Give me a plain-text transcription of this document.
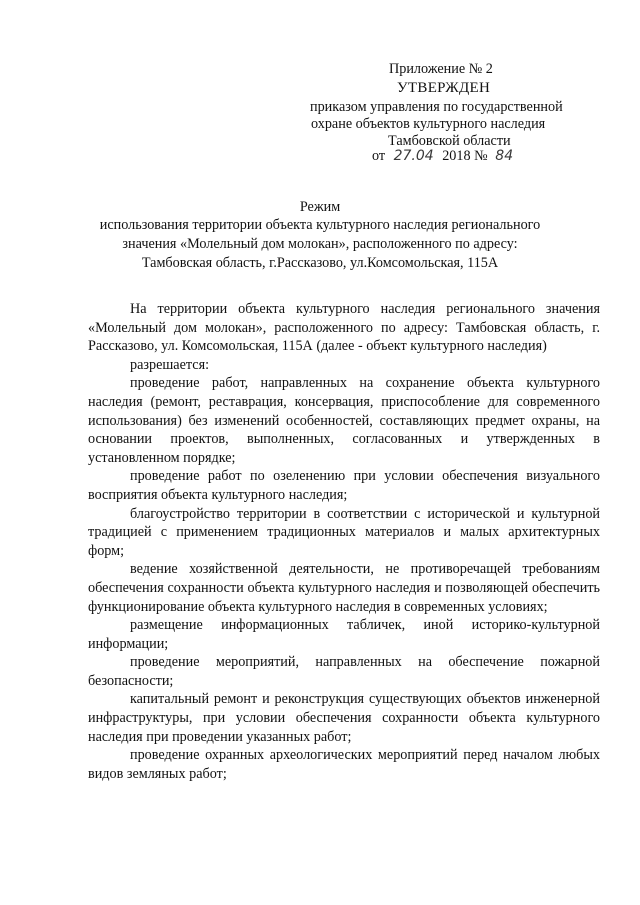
Приложение № 2
УТВЕРЖДЕН
приказом управления по государственной
охране объектов культурного наследия
Тамбовской области
от 27.04 2018 № 84
Режим
использования территории объекта культурного наследия регионального
значения «Молельный дом молокан», расположенного по адресу:
Тамбовская область, г.Рассказово, ул.Комсомольская, 115А

На территории объекта культурного наследия регионального значения «Молельный дом молокан», расположенного по адресу: Тамбовская область, г. Рассказово, ул. Комсомольская, 115А (далее - объект культурного наследия)

разрешается:

проведение работ, направленных на сохранение объекта культурного наследия (ремонт, реставрация, консервация, приспособление для современного использования) без изменений особенностей, составляющих предмет охраны, на основании проектов, выполненных, согласованных и утвержденных в установленном порядке;

проведение работ по озеленению при условии обеспечения визуального восприятия объекта культурного наследия;

благоустройство территории в соответствии с исторической и культурной традицией с применением традиционных материалов и малых архитектурных форм;

ведение хозяйственной деятельности, не противоречащей требованиям обеспечения сохранности объекта культурного наследия и позволяющей обеспечить функционирование объекта культурного наследия в современных условиях;

размещение информационных табличек, иной историко-культурной информации;

проведение мероприятий, направленных на обеспечение пожарной безопасности;

капитальный ремонт и реконструкция существующих объектов инженерной инфраструктуры, при условии обеспечения сохранности объекта культурного наследия при проведении указанных работ;

проведение охранных археологических мероприятий перед началом любых видов земляных работ;
